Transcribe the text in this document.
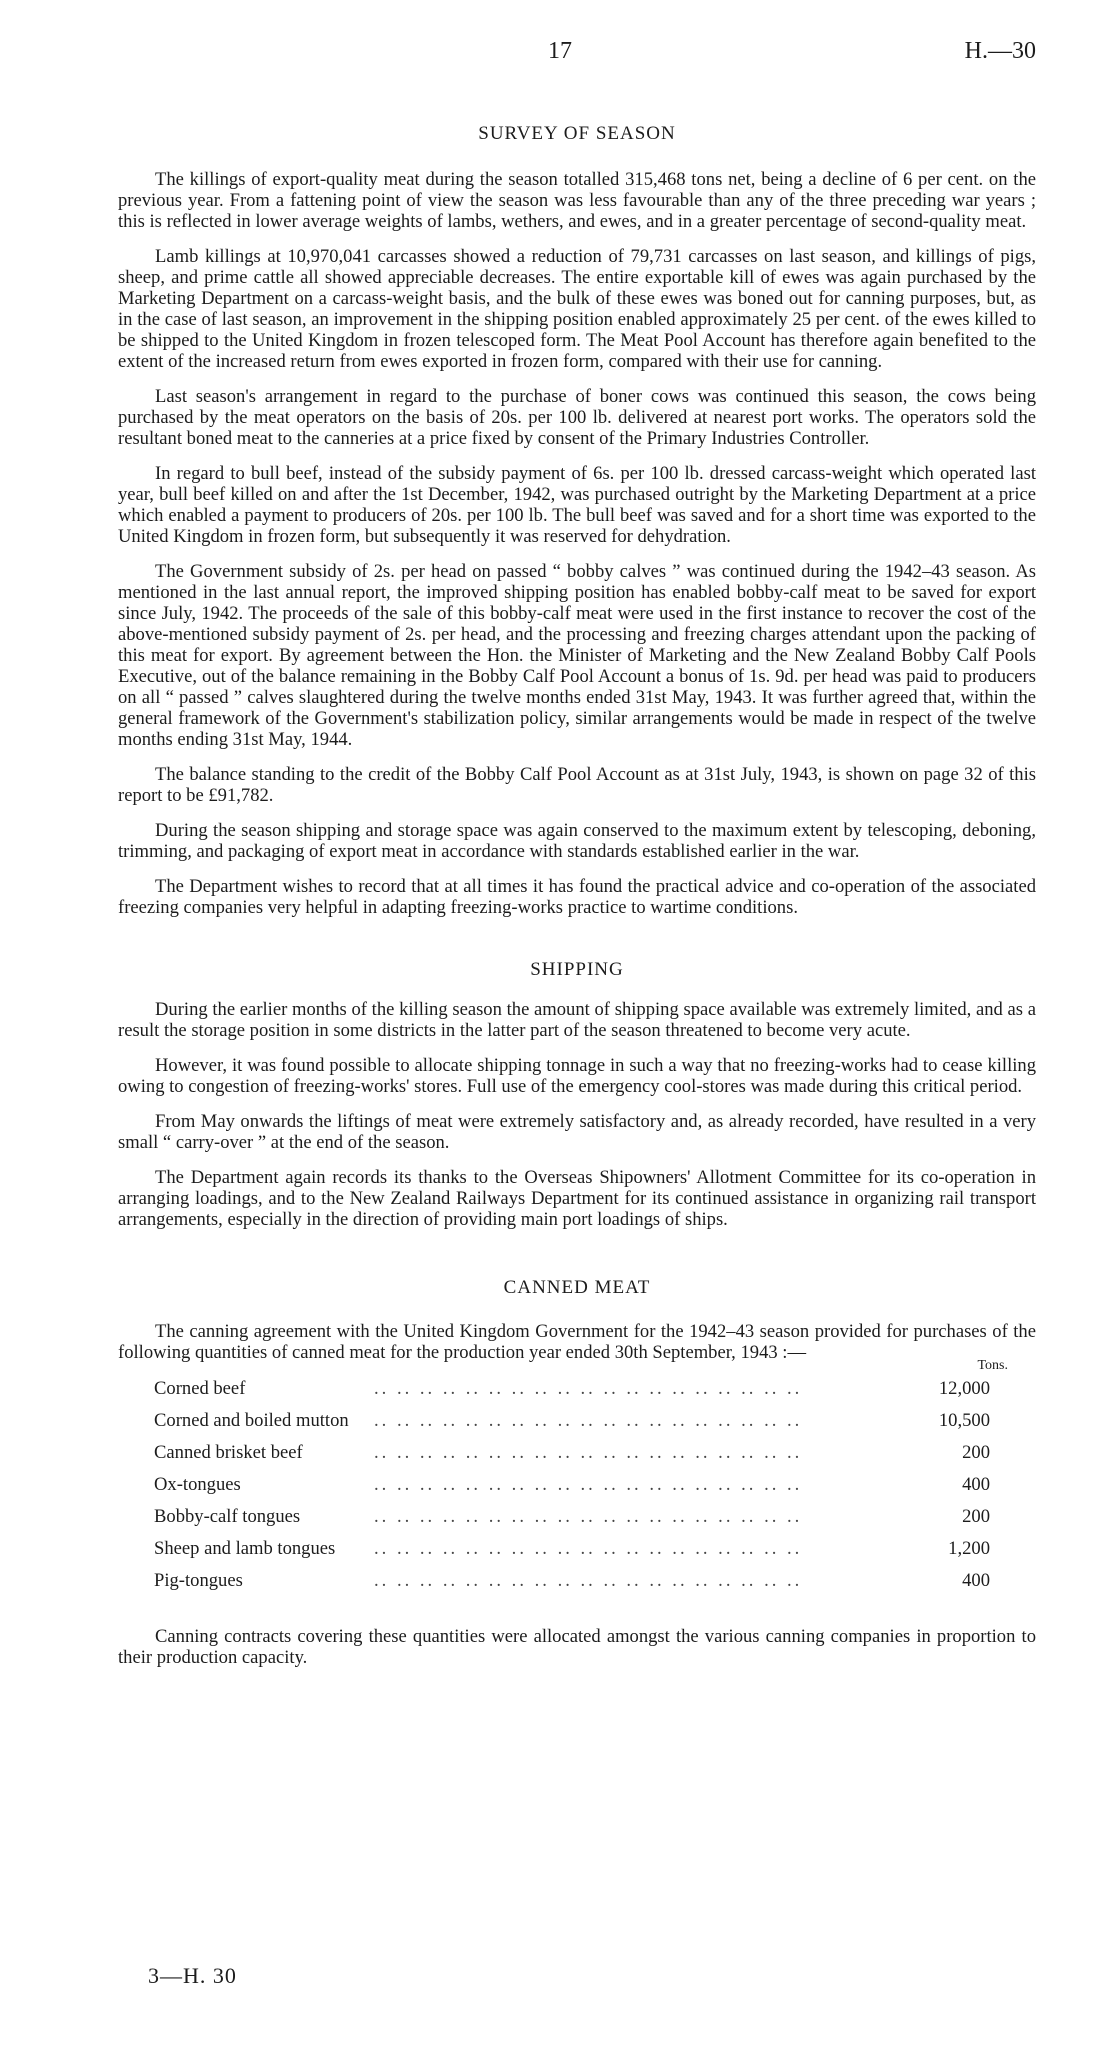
17	H.—30
SURVEY OF SEASON

The killings of export-quality meat during the season totalled 315,468 tons net, being a decline of 6 per cent. on the previous year. From a fattening point of view the season was less favourable than any of the three preceding war years ; this is reflected in lower average weights of lambs, wethers, and ewes, and in a greater percentage of second-quality meat.

Lamb killings at 10,970,041 carcasses showed a reduction of 79,731 carcasses on last season, and killings of pigs, sheep, and prime cattle all showed appreciable decreases. The entire exportable kill of ewes was again purchased by the Marketing Department on a carcass-weight basis, and the bulk of these ewes was boned out for canning purposes, but, as in the case of last season, an improvement in the shipping position enabled approximately 25 per cent. of the ewes killed to be shipped to the United Kingdom in frozen telescoped form. The Meat Pool Account has therefore again benefited to the extent of the increased return from ewes exported in frozen form, compared with their use for canning.

Last season's arrangement in regard to the purchase of boner cows was continued this season, the cows being purchased by the meat operators on the basis of 20s. per 100 lb. delivered at nearest port works. The operators sold the resultant boned meat to the canneries at a price fixed by consent of the Primary Industries Controller.

In regard to bull beef, instead of the subsidy payment of 6s. per 100 lb. dressed carcass-weight which operated last year, bull beef killed on and after the 1st December, 1942, was purchased outright by the Marketing Department at a price which enabled a payment to producers of 20s. per 100 lb. The bull beef was saved and for a short time was exported to the United Kingdom in frozen form, but subsequently it was reserved for dehydration.

The Government subsidy of 2s. per head on passed “ bobby calves ” was continued during the 1942–43 season. As mentioned in the last annual report, the improved shipping position has enabled bobby-calf meat to be saved for export since July, 1942. The proceeds of the sale of this bobby-calf meat were used in the first instance to recover the cost of the above-mentioned subsidy payment of 2s. per head, and the processing and freezing charges attendant upon the packing of this meat for export. By agreement between the Hon. the Minister of Marketing and the New Zealand Bobby Calf Pools Executive, out of the balance remaining in the Bobby Calf Pool Account a bonus of 1s. 9d. per head was paid to producers on all “ passed ” calves slaughtered during the twelve months ended 31st May, 1943. It was further agreed that, within the general framework of the Government's stabilization policy, similar arrangements would be made in respect of the twelve months ending 31st May, 1944.

The balance standing to the credit of the Bobby Calf Pool Account as at 31st July, 1943, is shown on page 32 of this report to be £91,782.

During the season shipping and storage space was again conserved to the maximum extent by telescoping, deboning, trimming, and packaging of export meat in accordance with standards established earlier in the war.

The Department wishes to record that at all times it has found the practical advice and co-operation of the associated freezing companies very helpful in adapting freezing-works practice to wartime conditions.

SHIPPING

During the earlier months of the killing season the amount of shipping space available was extremely limited, and as a result the storage position in some districts in the latter part of the season threatened to become very acute.

However, it was found possible to allocate shipping tonnage in such a way that no freezing-works had to cease killing owing to congestion of freezing-works' stores. Full use of the emergency cool-stores was made during this critical period.

From May onwards the liftings of meat were extremely satisfactory and, as already recorded, have resulted in a very small “ carry-over ” at the end of the season.

The Department again records its thanks to the Overseas Shipowners' Allotment Committee for its co-operation in arranging loadings, and to the New Zealand Railways Department for its continued assistance in organizing rail transport arrangements, especially in the direction of providing main port loadings of ships.

CANNED MEAT

The canning agreement with the United Kingdom Government for the 1942–43 season provided for purchases of the following quantities of canned meat for the production year ended 30th September, 1943 :—

Tons.
Corned beef	.. .. .. .. .. .. .. .. .. .. .. .. .. .. .. .. .. .. ..	12,000
Corned and boiled mutton	.. .. .. .. .. .. .. .. .. .. .. .. .. .. .. .. .. .. ..	10,500
Canned brisket beef	.. .. .. .. .. .. .. .. .. .. .. .. .. .. .. .. .. .. ..	200
Ox-tongues	.. .. .. .. .. .. .. .. .. .. .. .. .. .. .. .. .. .. ..	400
Bobby-calf tongues	.. .. .. .. .. .. .. .. .. .. .. .. .. .. .. .. .. .. ..	200
Sheep and lamb tongues	.. .. .. .. .. .. .. .. .. .. .. .. .. .. .. .. .. .. ..	1,200
Pig-tongues	.. .. .. .. .. .. .. .. .. .. .. .. .. .. .. .. .. .. ..	400

Canning contracts covering these quantities were allocated amongst the various canning companies in proportion to their production capacity.

3—H. 30
